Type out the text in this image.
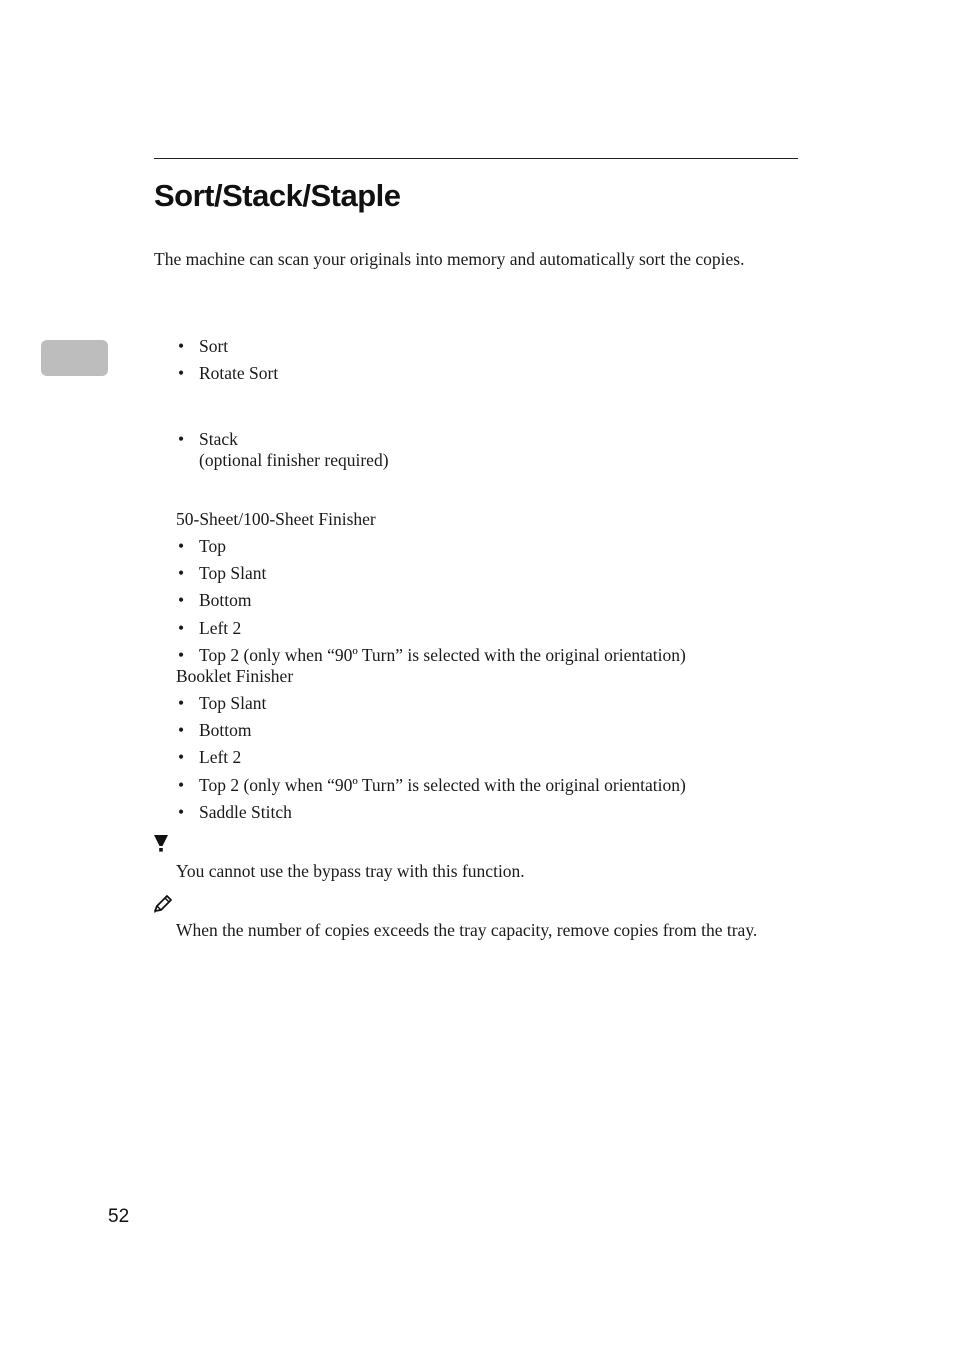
Sort/Stack/Staple

The machine can scan your originals into memory and automatically sort the copies.

• Sort
• Rotate Sort
• Stack
(optional finisher required)
50-Sheet/100-Sheet Finisher
• Top
• Top Slant
• Bottom
• Left 2
• Top 2 (only when “90º Turn” is selected with the original orientation)
Booklet Finisher
• Top Slant
• Bottom
• Left 2
• Top 2 (only when “90º Turn” is selected with the original orientation)
• Saddle Stitch
You cannot use the bypass tray with this function.
When the number of copies exceeds the tray capacity, remove copies from the tray.
52
